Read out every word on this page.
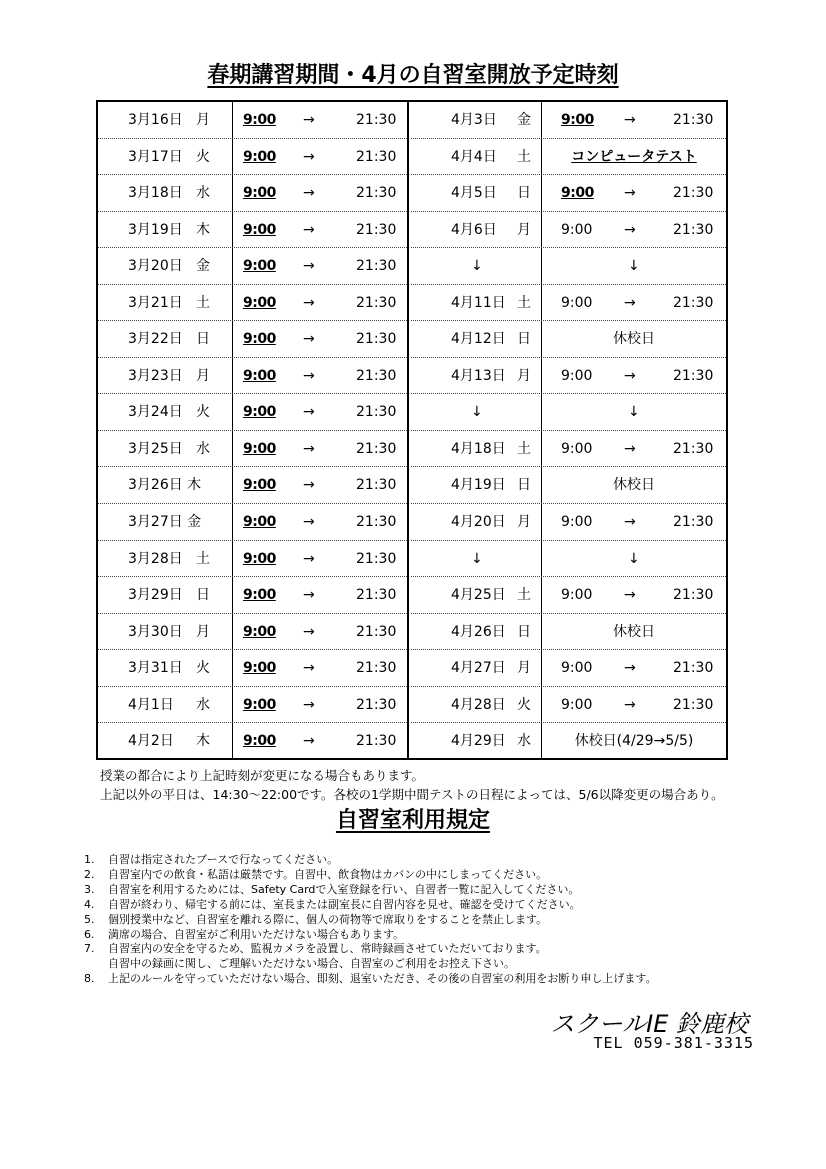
春期講習期間・4月の自習室開放予定時刻
3月16日 月 9:00 →	21:30
3月17日 火 9:00 →	21:30
3月18日 水 9:00 →	21:30
3月19日 木 9:00 →	21:30
3月20日 金 9:00 →	21:30
3月21日 土 9:00 →	21:30
3月22日 日 9:00 →	21:30
3月23日 月 9:00 →	21:30
3月24日 火 9:00 →	21:30
3月25日 水 9:00 →	21:30
3月26日 木	9:00 →	21:30
3月27日 金	9:00 →	21:30
3月28日 土 9:00 →	21:30
3月29日 日 9:00 →	21:30
3月30日 月 9:00 →	21:30
3月31日 火 9:00 →	21:30
4月1日 水 9:00 →	21:30
4月2日 木 9:00 →	21:30
4月3日 金 9:00 →	21:30
4月4日 土	コンピュータテスト
4月5日 日 9:00 →	21:30
4月6日 月 9:00 →	21:30
↓	↓
4月11日 土 9:00 →	21:30
4月12日 日	休校日
4月13日 月 9:00 →	21:30
↓	↓
4月18日 土 9:00 →	21:30
4月19日 日	休校日
4月20日 月 9:00 →	21:30
↓	↓
4月25日 土 9:00 →	21:30
4月26日 日	休校日
4月27日 月 9:00 →	21:30
4月28日 火 9:00 →	21:30
4月29日 水	休校日(4/29→5/5)
授業の都合により上記時刻が変更になる場合もあります。
上記以外の平日は、14:30～22:00です。各校の1学期中間テストの日程によっては、5/6以降変更の場合あり。
自習室利用規定
1. 自習は指定されたブースで行なってください。
2. 自習室内での飲食・私語は厳禁です。自習中、飲食物はカバンの中にしまってください。
3. 自習室を利用するためには、Safety Cardで入室登録を行い、自習者一覧に記入してください。
4. 自習が終わり、帰宅する前には、室長または副室長に自習内容を見せ、確認を受けてください。
5. 個別授業中など、自習室を離れる際に、個人の荷物等で席取りをすることを禁止します。
6. 満席の場合、自習室がご利用いただけない場合もあります。
7. 自習室内の安全を守るため、監視カメラを設置し、常時録画させていただいております。
自習中の録画に関し、ご理解いただけない場合、自習室のご利用をお控え下さい。
8. 上記のルールを守っていただけない場合、即刻、退室いただき、その後の自習室の利用をお断り申し上げます。
スクールIE 鈴鹿校
TEL 059-381-3315
